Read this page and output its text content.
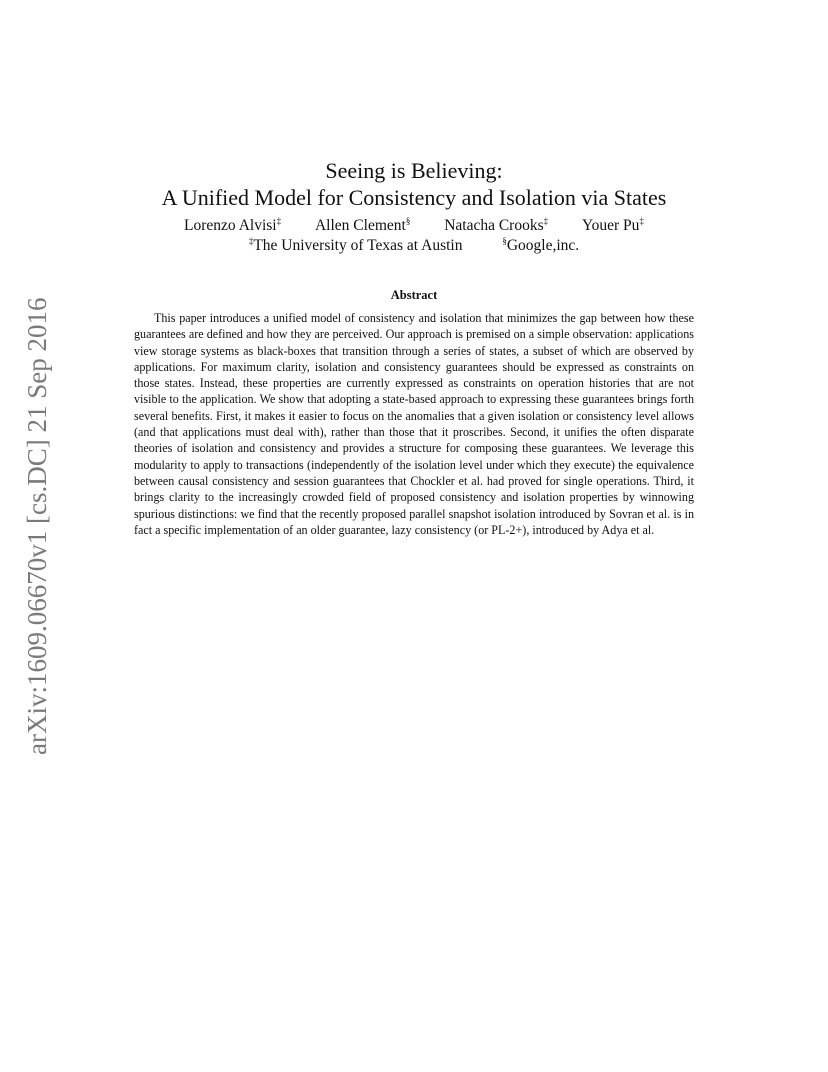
arXiv:1609.06670v1 [cs.DC] 21 Sep 2016
Seeing is Believing:
A Unified Model for Consistency and Isolation via States
Lorenzo Alvisi‡ Allen Clement§ Natacha Crooks‡ Youer Pu‡
‡The University of Texas at Austin	§Google,inc.
Abstract

This paper introduces a unified model of consistency and isolation that minimizes the gap between how these guarantees are defined and how they are perceived. Our approach is premised on a simple observation: applications view storage systems as black-boxes that transition through a series of states, a subset of which are observed by applications. For maximum clarity, isolation and consistency guarantees should be expressed as constraints on those states. Instead, these properties are currently expressed as constraints on operation histories that are not visible to the application. We show that adopting a state-based approach to expressing these guarantees brings forth several benefits. First, it makes it easier to focus on the anomalies that a given isolation or consistency level allows (and that applications must deal with), rather than those that it proscribes. Second, it unifies the often disparate theories of isolation and consistency and provides a structure for composing these guarantees. We leverage this modularity to apply to transactions (independently of the isolation level under which they execute) the equivalence between causal consistency and session guarantees that Chockler et al. had proved for single operations. Third, it brings clarity to the increasingly crowded field of proposed consistency and isolation properties by winnowing spurious distinctions: we find that the recently proposed parallel snapshot isolation introduced by Sovran et al. is in fact a specific implementation of an older guarantee, lazy consistency (or PL-2+), introduced by Adya et al.
